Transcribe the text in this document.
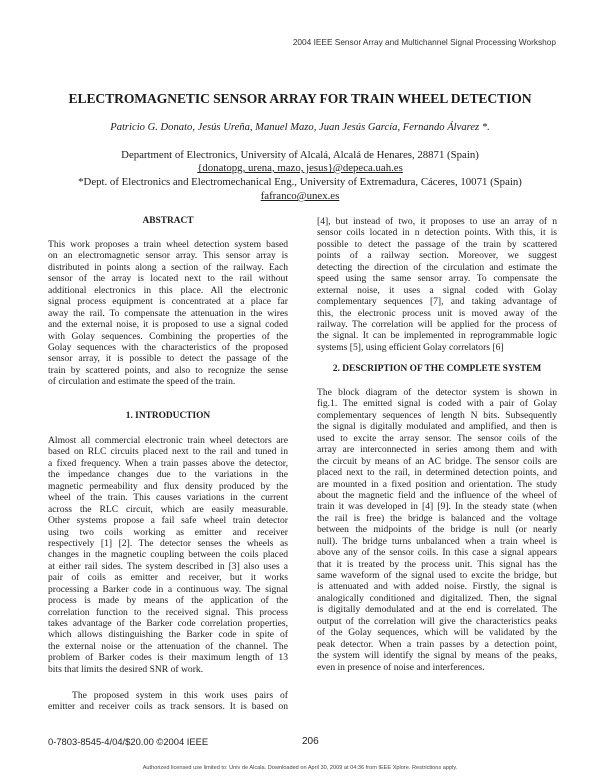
2004 IEEE Sensor Array and Multichannel Signal Processing Workshop
ELECTROMAGNETIC SENSOR ARRAY FOR TRAIN WHEEL DETECTION
Patricio G. Donato, Jesús Ureña, Manuel Mazo, Juan Jesús García, Fernando Álvarez *.
Department of Electronics, University of Alcalá, Alcalá de Henares, 28871 (Spain)
{donatopg, urena, mazo, jesus}@depeca.uah.es
*Dept. of Electronics and Electromechanical Eng., University of Extremadura, Cáceres, 10071 (Spain)
fafranco@unex.es
ABSTRACT
This work proposes a train wheel detection system based
on an electromagnetic sensor array. This sensor array is
distributed in points along a section of the railway. Each
sensor of the array is located next to the rail without
additional electronics in this place. All the electronic
signal process equipment is concentrated at a place far
away the rail. To compensate the attenuation in the wires
and the external noise, it is proposed to use a signal coded
with Golay sequences. Combining the properties of the
Golay sequences with the characteristics of the proposed
sensor array, it is possible to detect the passage of the
train by scattered points, and also to recognize the sense
of circulation and estimate the speed of the train.
1. INTRODUCTION
Almost all commercial electronic train wheel detectors are
based on RLC circuits placed next to the rail and tuned in
a fixed frequency. When a train passes above the detector,
the impedance changes due to the variations in the
magnetic permeability and flux density produced by the
wheel of the train. This causes variations in the current
across the RLC circuit, which are easily measurable.
Other systems propose a fail safe wheel train detector
using two coils working as emitter and receiver
respectively [1] [2]. The detector senses the wheels as
changes in the magnetic coupling between the coils placed
at either rail sides. The system described in [3] also uses a
pair of coils as emitter and receiver, but it works
processing a Barker code in a continuous way. The signal
process is made by means of the application of the
correlation function to the received signal. This process
takes advantage of the Barker code correlation properties,
which allows distinguishing the Barker code in spite of
the external noise or the attenuation of the channel. The
problem of Barker codes is their maximum length of 13
bits that limits the desired SNR of work.
The proposed system in this work uses pairs of
emitter and receiver coils as track sensors. It is based on
[4], but instead of two, it proposes to use an array of n
sensor coils located in n detection points. With this, it is
possible to detect the passage of the train by scattered
points of a railway section. Moreover, we suggest
detecting the direction of the circulation and estimate the
speed using the same sensor array. To compensate the
external noise, it uses a signal coded with Golay
complementary sequences [7], and taking advantage of
this, the electronic process unit is moved away of the
railway. The correlation will be applied for the process of
the signal. It can be implemented in reprogrammable logic
systems [5], using efficient Golay correlators [6]
2. DESCRIPTION OF THE COMPLETE SYSTEM
The block diagram of the detector system is shown in
fig.1. The emitted signal is coded with a pair of Golay
complementary sequences of length N bits. Subsequently
the signal is digitally modulated and amplified, and then is
used to excite the array sensor. The sensor coils of the
array are interconnected in series among them and with
the circuit by means of an AC bridge. The sensor coils are
placed next to the rail, in determined detection points, and
are mounted in a fixed position and orientation. The study
about the magnetic field and the influence of the wheel of
train it was developed in [4] [9]. In the steady state (when
the rail is free) the bridge is balanced and the voltage
between the midpoints of the bridge is null (or nearly
null). The bridge turns unbalanced when a train wheel is
above any of the sensor coils. In this case a signal appears
that it is treated by the process unit. This signal has the
same waveform of the signal used to excite the bridge, but
is attenuated and with added noise. Firstly, the signal is
analogically conditioned and digitalized. Then, the signal
is digitally demodulated and at the end is correlated. The
output of the correlation will give the characteristics peaks
of the Golay sequences, which will be validated by the
peak detector. When a train passes by a detection point,
the system will identify the signal by means of the peaks,
even in presence of noise and interferences.
0-7803-8545-4/04/$20.00 ©2004 IEEE	206
Authorized licensed use limited to: Univ de Alcala. Downloaded on April 30, 2009 at 04:36 from IEEE Xplore. Restrictions apply.
